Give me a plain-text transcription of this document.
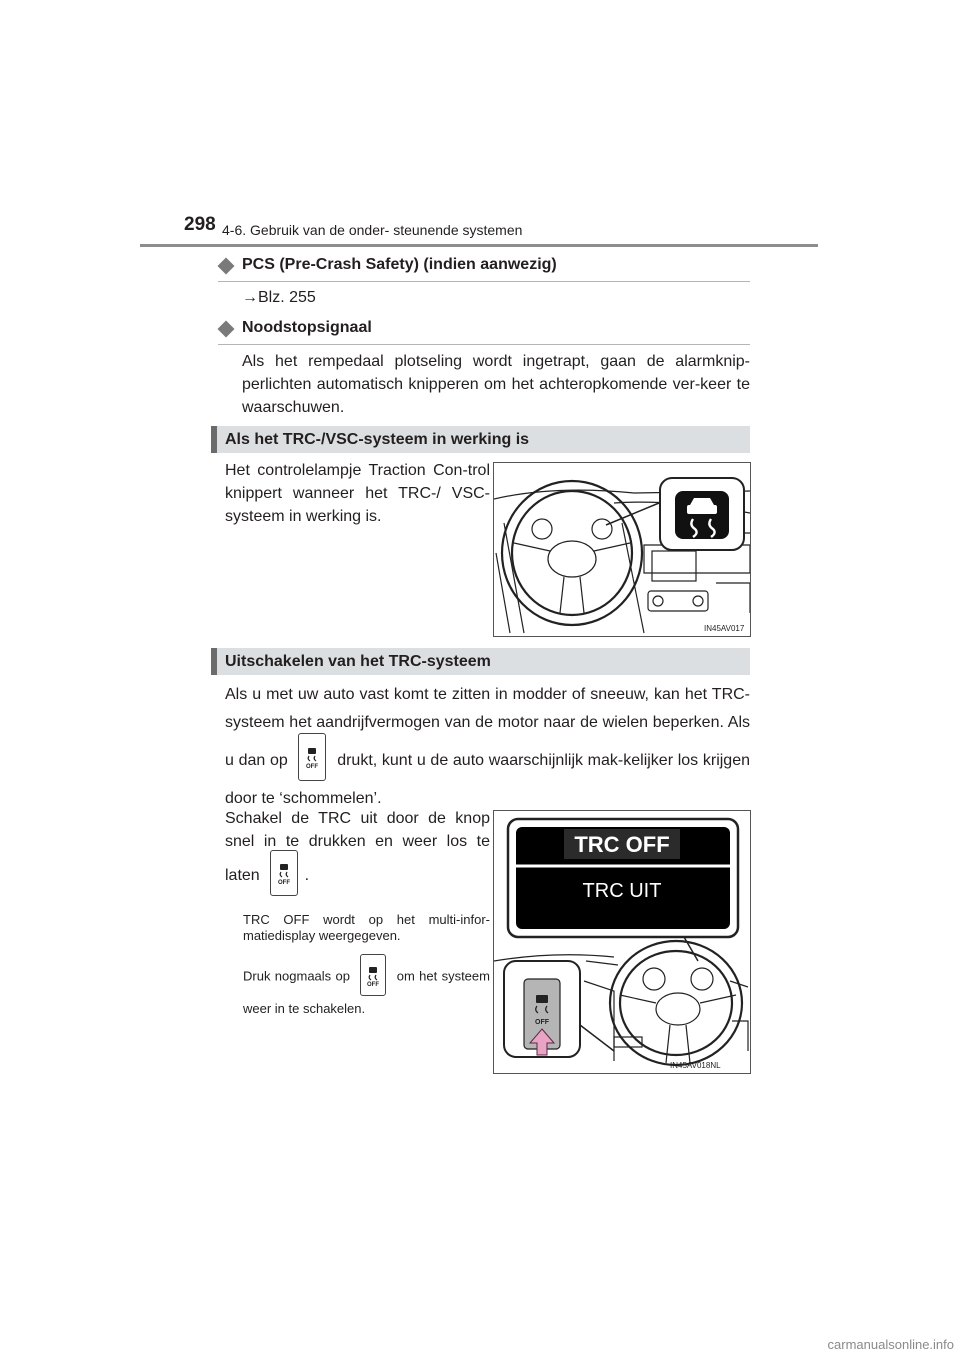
298 4-6. Gebruik van de onder- steunende systemen
PCS (Pre-Crash Safety) (indien aanwezig)
→Blz. 255
Noodstopsignaal
Als het rempedaal plotseling wordt ingetrapt, gaan de alarmknip-perlichten automatisch knipperen om het achteropkomende ver-keer te waarschuwen.
Als het TRC-/VSC-systeem in werking is
Het controlelampje Traction Con-trol knippert wanneer het TRC-/ VSC-systeem in werking is.
IN45AV017
Uitschakelen van het TRC-systeem
Als u met uw auto vast komt te zitten in modder of sneeuw, kan het TRC-systeem het aandrijfvermogen van de motor naar de wielen beperken. Als u dan op	OFF drukt, kunt u de auto waarschijnlijk mak-kelijker los krijgen door te ‘schommelen’.
Schakel de TRC uit door de knop snel in te drukken en weer los te laten	OFF .
TRC OFF wordt op het multi-infor-matiedisplay weergegeven.
Druk nogmaals op
OFF
om het systeem weer in te schakelen.
TRC OFF
TRC UIT
OFF
IN45AV018NL
carmanualsonline.info
